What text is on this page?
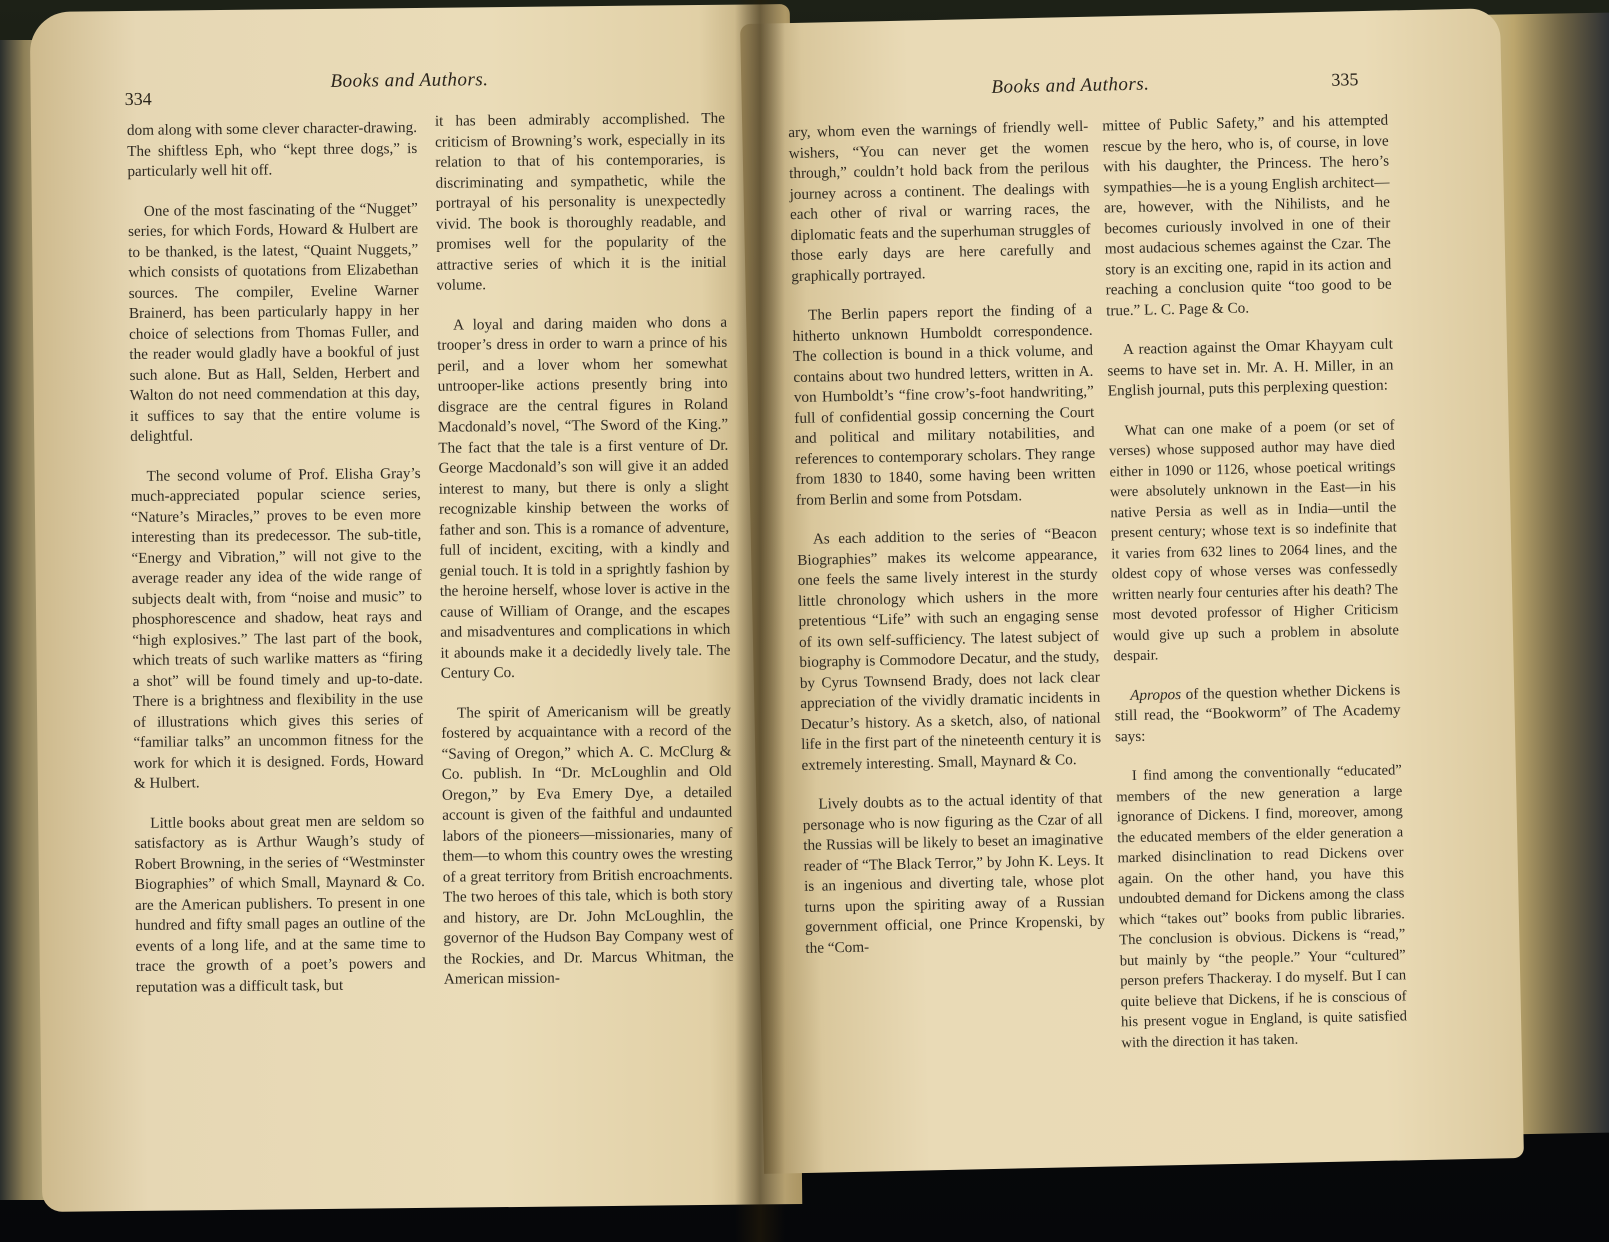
334
Books and Authors.

dom along with some clever character-drawing. The shiftless Eph, who “kept three dogs,” is particularly well hit off.

One of the most fascinating of the “Nugget” series, for which Fords, Howard & Hulbert are to be thanked, is the latest, “Quaint Nuggets,” which consists of quotations from Elizabethan sources. The compiler, Eveline Warner Brainerd, has been particularly happy in her choice of selections from Thomas Fuller, and the reader would gladly have a bookful of just such alone. But as Hall, Selden, Herbert and Walton do not need commendation at this day, it suffices to say that the entire volume is delightful.

The second volume of Prof. Elisha Gray’s much-appreciated popular science series, “Nature’s Miracles,” proves to be even more interesting than its predecessor. The sub-title, “Energy and Vibration,” will not give to the average reader any idea of the wide range of subjects dealt with, from “noise and music” to phosphorescence and shadow, heat rays and “high explosives.” The last part of the book, which treats of such warlike matters as “firing a shot” will be found timely and up-to-date. There is a brightness and flexibility in the use of illustrations which gives this series of “familiar talks” an uncommon fitness for the work for which it is designed. Fords, Howard & Hulbert.

Little books about great men are seldom so satisfactory as is Arthur Waugh’s study of Robert Browning, in the series of “Westminster Biographies” of which Small, Maynard & Co. are the American publishers. To present in one hundred and fifty small pages an outline of the events of a long life, and at the same time to trace the growth of a poet’s powers and reputation was a difficult task, but

it has been admirably accomplished. The criticism of Browning’s work, especially in its relation to that of his contemporaries, is discriminating and sympathetic, while the portrayal of his personality is unexpectedly vivid. The book is thoroughly readable, and promises well for the popularity of the attractive series of which it is the initial volume.

A loyal and daring maiden who dons a trooper’s dress in order to warn a prince of his peril, and a lover whom her somewhat untrooper-like actions presently bring into disgrace are the central figures in Roland Macdonald’s novel, “The Sword of the King.” The fact that the tale is a first venture of Dr. George Macdonald’s son will give it an added interest to many, but there is only a slight recognizable kinship between the works of father and son. This is a romance of adventure, full of incident, exciting, with a kindly and genial touch. It is told in a sprightly fashion by the heroine herself, whose lover is active in the cause of William of Orange, and the escapes and misadventures and complications in which it abounds make it a decidedly lively tale. The Century Co.

The spirit of Americanism will be greatly fostered by acquaintance with a record of the “Saving of Oregon,” which A. C. McClurg & Co. publish. In “Dr. McLoughlin and Old Oregon,” by Eva Emery Dye, a detailed account is given of the faithful and undaunted labors of the pioneers—missionaries, many of them—to whom this country owes the wresting of a great territory from British encroachments. The two heroes of this tale, which is both story and history, are Dr. John McLoughlin, the governor of the Hudson Bay Company west of the Rockies, and Dr. Marcus Whitman, the American mission-

Books and Authors.	335

ary, whom even the warnings of friendly well-wishers, “You can never get the women through,” couldn’t hold back from the perilous journey across a continent. The dealings with each other of rival or warring races, the diplomatic feats and the superhuman struggles of those early days are here carefully and graphically portrayed.

The Berlin papers report the finding of a hitherto unknown Humboldt correspondence. The collection is bound in a thick volume, and contains about two hundred letters, written in A. von Humboldt’s “fine crow’s-foot handwriting,” full of confidential gossip concerning the Court and political and military notabilities, and references to contemporary scholars. They range from 1830 to 1840, some having been written from Berlin and some from Potsdam.

As each addition to the series of “Beacon Biographies” makes its welcome appearance, one feels the same lively interest in the sturdy little chronology which ushers in the more pretentious “Life” with such an engaging sense of its own self-sufficiency. The latest subject of biography is Commodore Decatur, and the study, by Cyrus Townsend Brady, does not lack clear appreciation of the vividly dramatic incidents in Decatur’s history. As a sketch, also, of national life in the first part of the nineteenth century it is extremely interesting. Small, Maynard & Co.

Lively doubts as to the actual identity of that personage who is now figuring as the Czar of all the Russias will be likely to beset an imaginative reader of “The Black Terror,” by John K. Leys. It is an ingenious and diverting tale, whose plot turns upon the spiriting away of a Russian government official, one Prince Kropenski, by the “Com-

mittee of Public Safety,” and his attempted rescue by the hero, who is, of course, in love with his daughter, the Princess. The hero’s sympathies—he is a young English architect—are, however, with the Nihilists, and he becomes curiously involved in one of their most audacious schemes against the Czar. The story is an exciting one, rapid in its action and reaching a conclusion quite “too good to be true.” L. C. Page & Co.

A reaction against the Omar Khayyam cult seems to have set in. Mr. A. H. Miller, in an English journal, puts this perplexing question:

What can one make of a poem (or set of verses) whose supposed author may have died either in 1090 or 1126, whose poetical writings were absolutely unknown in the East—in his native Persia as well as in India—until the present century; whose text is so indefinite that it varies from 632 lines to 2064 lines, and the oldest copy of whose verses was confessedly written nearly four centuries after his death? The most devoted professor of Higher Criticism would give up such a problem in absolute despair.

Apropos of the question whether Dickens is still read, the “Bookworm” of The Academy says:

I find among the conventionally “educated” members of the new generation a large ignorance of Dickens. I find, moreover, among the educated members of the elder generation a marked disinclination to read Dickens over again. On the other hand, you have this undoubted demand for Dickens among the class which “takes out” books from public libraries. The conclusion is obvious. Dickens is “read,” but mainly by “the people.” Your “cultured” person prefers Thackeray. I do myself. But I can quite believe that Dickens, if he is conscious of his present vogue in England, is quite satisfied with the direction it has taken.
